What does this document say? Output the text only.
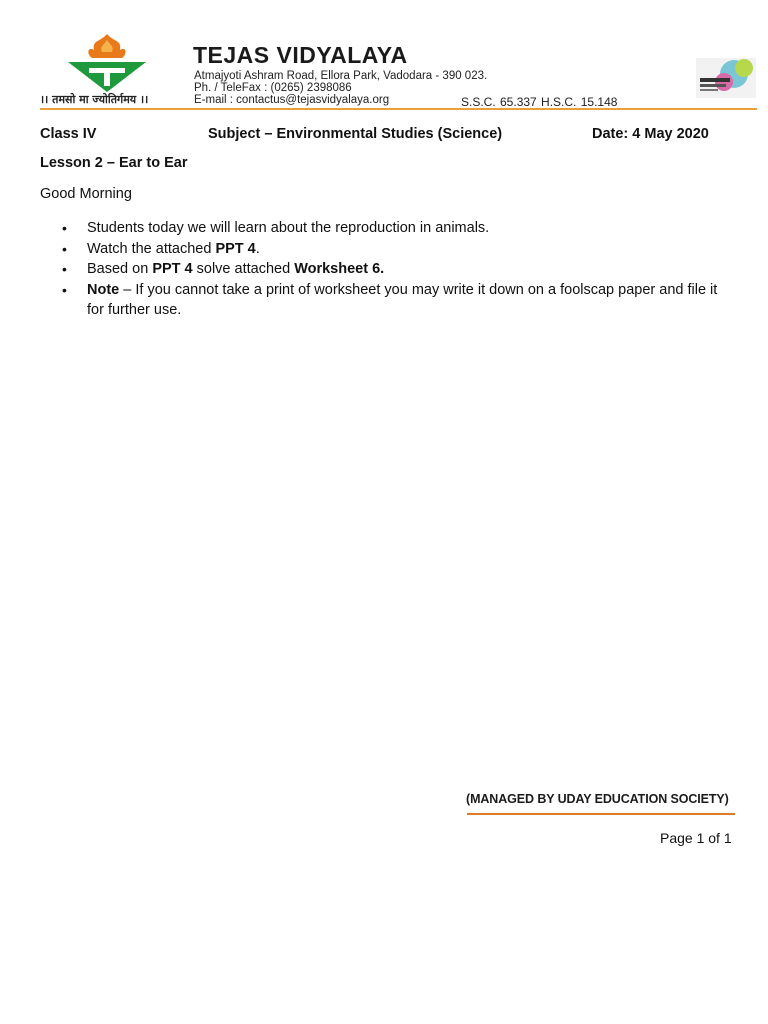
।। तमसो मा ज्योतिर्गमय ।।
TEJAS VIDYALAYA
Atmajyoti Ashram Road, Ellora Park, Vadodara - 390 023.
Ph. / TeleFax : (0265) 2398086
E-mail : contactus@tejasvidyalaya.org	S.S.C. 65.337 H.S.C. 15.148
Class IV	Subject – Environmental Studies (Science)	Date: 4 May 2020
Lesson 2 – Ear to Ear
Good Morning
• Students today we will learn about the reproduction in animals.
• Watch the attached PPT 4.
• Based on PPT 4 solve attached Worksheet 6.
• Note – If you cannot take a print of worksheet you may write it down on a foolscap paper and file it for further use.
(MANAGED BY UDAY EDUCATION SOCIETY)
Page 1 of 1
